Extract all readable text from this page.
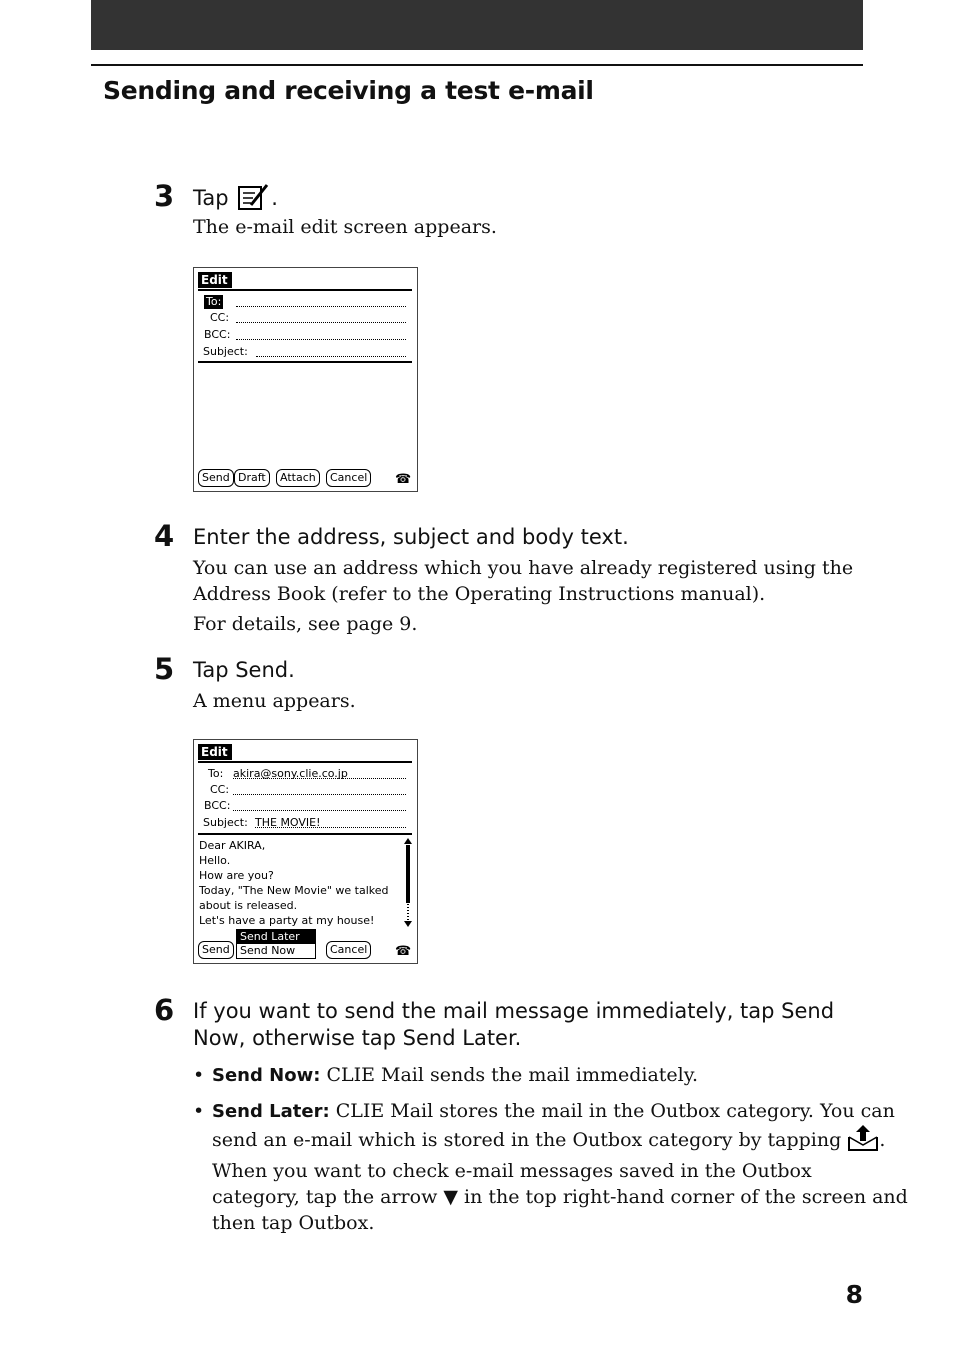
Sending and receiving a test e-mail
3 Tap .
The e-mail edit screen appears.
Edit
To:
CC:
BCC:
Subject:
Send Draft	Attach	Cancel	☎
4 Enter the address, subject and body text.
You can use an address which you have already registered using the
Address Book (refer to the Operating Instructions manual).
For details, see page 9.
5 Tap Send.
A menu appears.
Edit
To: akira@sony.clie.co.jp
CC:
BCC:
Subject: THE MOVIE!
Dear AKIRA,
Hello.
How are you?
Today, "The New Movie" we talked
about is released.
Let's have a party at my house!
Send
Send Later
Send Now	Cancel	☎
6 If you want to send the mail message immediately, tap Send
Now, otherwise tap Send Later.
• Send Now: CLIE Mail sends the mail immediately.
• Send Later: CLIE Mail stores the mail in the Outbox category. You can
send an e-mail which is stored in the Outbox category by tapping .
When you want to check e-mail messages saved in the Outbox
category, tap the arrow ▼ in the top right-hand corner of the screen and
then tap Outbox.
8
